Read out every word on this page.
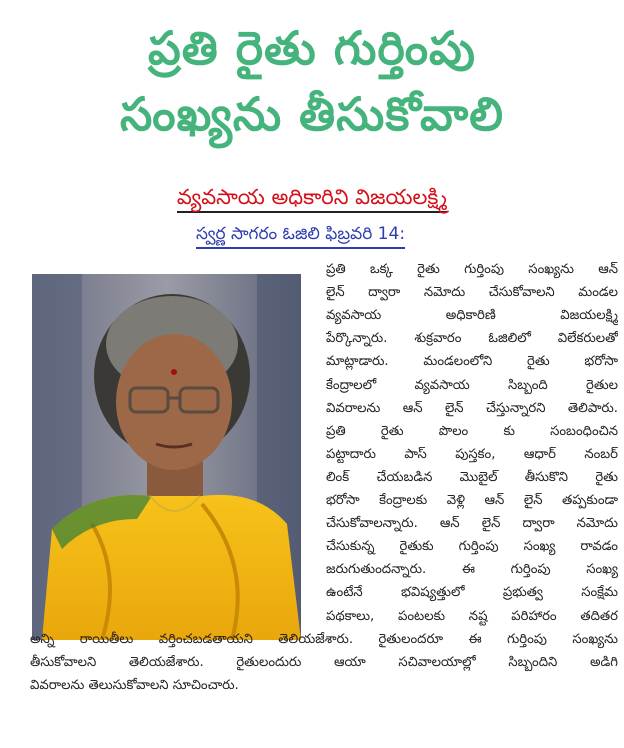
ప్రతి రైతు గుర్తింపు
సంఖ్యను తీసుకోవాలి
వ్యవసాయ అధికారిని విజయలక్ష్మి
స్వర్ణ సాగరం ఓజిలి ఫిబ్రవరి 14:
ప్రతి ఒక్క రైతు గుర్తింపు సంఖ్యను ఆన్
లైన్ ద్వారా నమోదు చేసుకోవాలని మండల
వ్యవసాయ అధికారిణి విజయలక్ష్మి
పేర్కొన్నారు. శుక్రవారం ఓజిలిలో విలేకరులతో
మాట్లాడారు. మండలంలోని రైతు భరోసా
కేంద్రాలలో వ్యవసాయ సిబ్బంది రైతుల
వివరాలను ఆన్ లైన్ చేస్తున్నారని తెలిపారు.
ప్రతి రైతు పొలం కు సంబంధించిన
పట్టాదారు పాస్ పుస్తకం, ఆధార్ నంబర్
లింక్ చేయబడిన మొబైల్ తీసుకొని రైతు
భరోసా కేంద్రాలకు వెళ్లి ఆన్ లైన్ తప్పకుండా
చేసుకోవాలన్నారు. ఆన్ లైన్ ద్వారా నమోదు
చేసుకున్న రైతుకు గుర్తింపు సంఖ్య రావడం
జరుగుతుందన్నారు. ఈ గుర్తింపు సంఖ్య
ఉంటేనే భవిష్యత్తులో ప్రభుత్వ సంక్షేమ
పథకాలు, పంటలకు నష్ట పరిహారం తదితర
అన్ని రాయితీలు వర్తించబడతాయని తెలియజేశారు. రైతులందరూ ఈ గుర్తింపు సంఖ్యను
తీసుకోవాలని తెలియజేశారు. రైతులందురు ఆయా సచివాలయాల్లో సిబ్బందిని అడిగి
వివరాలను తెలుసుకోవాలని సూచించారు.
